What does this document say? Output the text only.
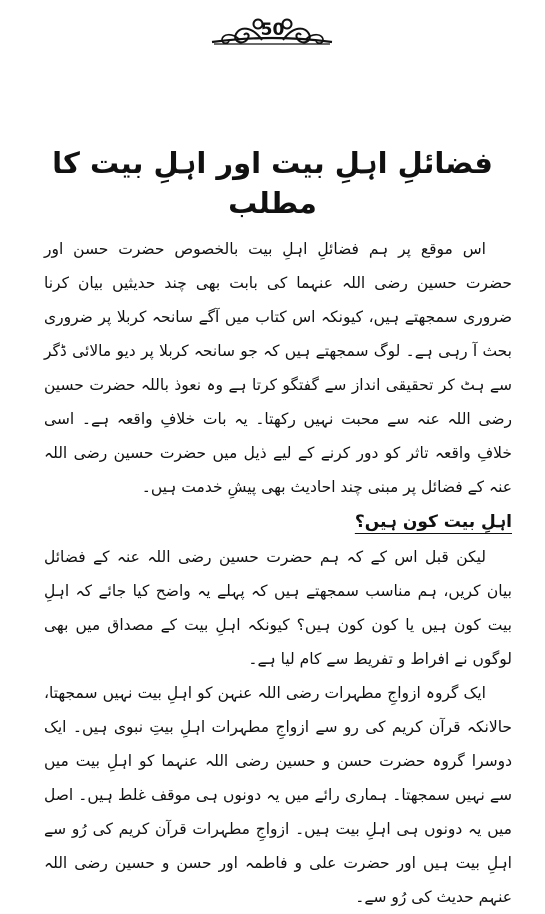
50
فضائلِ اہلِ بیت اور اہلِ بیت کا مطلب

اس موقع پر ہم فضائلِ اہلِ بیت بالخصوص حضرت حسن اور حضرت حسین رضی اللہ عنہما کی بابت بھی چند حدیثیں بیان کرنا ضروری سمجھتے ہیں، کیونکہ اس کتاب میں آگے سانحہ کربلا پر ضروری بحث آ رہی ہے۔ لوگ سمجھتے ہیں کہ جو سانحہ کربلا پر دیو مالائی ڈگر سے ہٹ کر تحقیقی انداز سے گفتگو کرتا ہے وہ نعوذ باللہ حضرت حسین رضی اللہ عنہ سے محبت نہیں رکھتا۔ یہ بات خلافِ واقعہ ہے۔ اسی خلافِ واقعہ تاثر کو دور کرنے کے لیے ذیل میں حضرت حسین رضی اللہ عنہ کے فضائل پر مبنی چند احادیث بھی پیشِ خدمت ہیں۔

اہلِ بیت کون ہیں؟

لیکن قبل اس کے کہ ہم حضرت حسین رضی اللہ عنہ کے فضائل بیان کریں، ہم مناسب سمجھتے ہیں کہ پہلے یہ واضح کیا جائے کہ اہلِ بیت کون ہیں یا کون کون ہیں؟ کیونکہ اہلِ بیت کے مصداق میں بھی لوگوں نے افراط و تفریط سے کام لیا ہے۔

ایک گروہ ازواجِ مطہرات رضی اللہ عنہن کو اہلِ بیت نہیں سمجھتا، حالانکہ قرآن کریم کی رو سے ازواجِ مطہرات اہلِ بیتِ نبوی ہیں۔ ایک دوسرا گروہ حضرت حسن و حسین رضی اللہ عنہما کو اہلِ بیت میں سے نہیں سمجھتا۔ ہماری رائے میں یہ دونوں ہی موقف غلط ہیں۔ اصل میں یہ دونوں ہی اہلِ بیت ہیں۔ ازواجِ مطہرات قرآن کریم کی رُو سے اہلِ بیت ہیں اور حضرت علی و فاطمہ اور حسن و حسین رضی اللہ عنہم حدیث کی رُو سے۔
